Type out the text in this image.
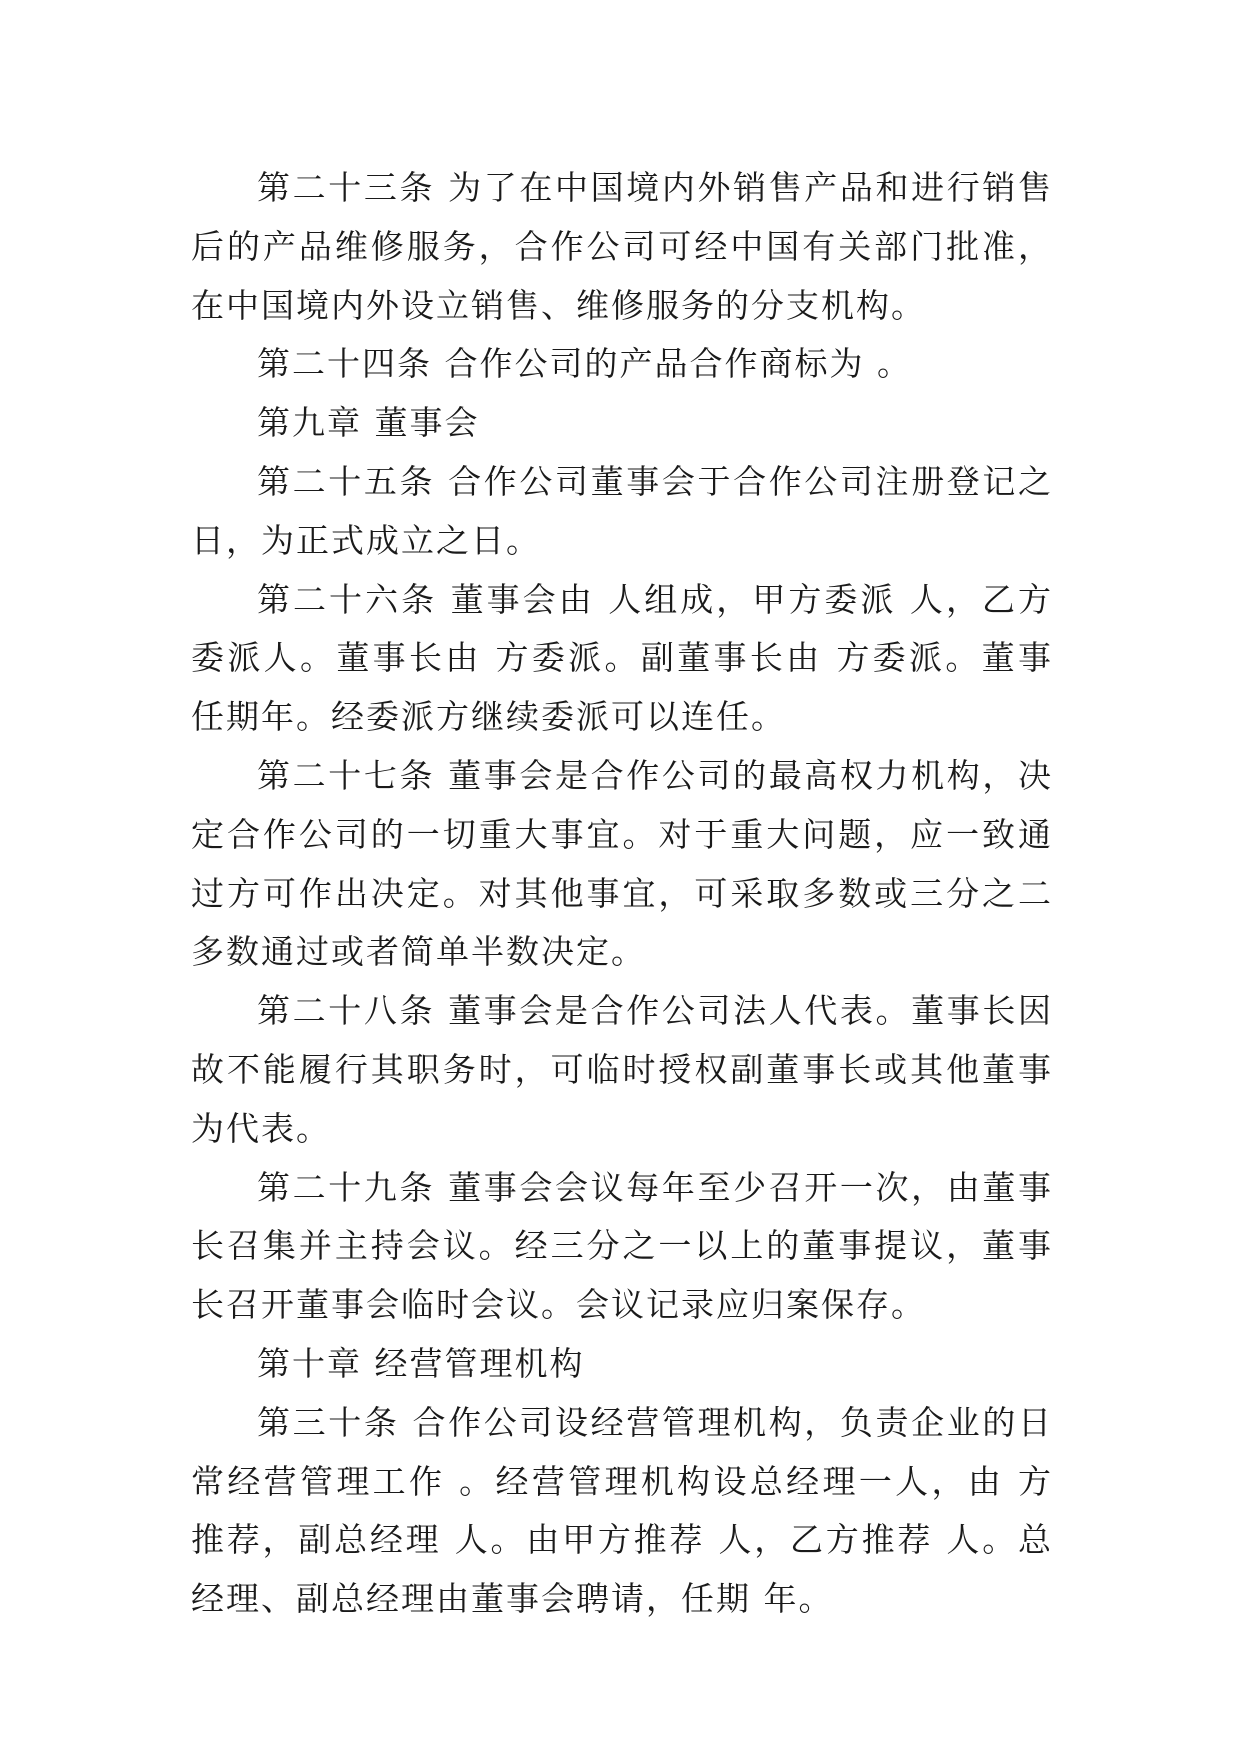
第二十三条 为了在中国境内外销售产品和进行销售后的产品维修服务，合作公司可经中国有关部门批准，在中国境内外设立销售、维修服务的分支机构。

第二十四条 合作公司的产品合作商标为 。

第九章 董事会

第二十五条 合作公司董事会于合作公司注册登记之日，为正式成立之日。

第二十六条 董事会由 人组成，甲方委派 人，乙方委派人。董事长由 方委派。副董事长由 方委派。董事任期年。经委派方继续委派可以连任。

第二十七条 董事会是合作公司的最高权力机构，决定合作公司的一切重大事宜。对于重大问题，应一致通过方可作出决定。对其他事宜，可采取多数或三分之二多数通过或者简单半数决定。

第二十八条 董事会是合作公司法人代表。董事长因故不能履行其职务时，可临时授权副董事长或其他董事为代表。

第二十九条 董事会会议每年至少召开一次，由董事长召集并主持会议。经三分之一以上的董事提议，董事长召开董事会临时会议。会议记录应归案保存。

第十章 经营管理机构

第三十条 合作公司设经营管理机构，负责企业的日常经营管理工作 。经营管理机构设总经理一人，由 方推荐，副总经理 人。由甲方推荐 人，乙方推荐 人。总经理、副总经理由董事会聘请，任期 年。
